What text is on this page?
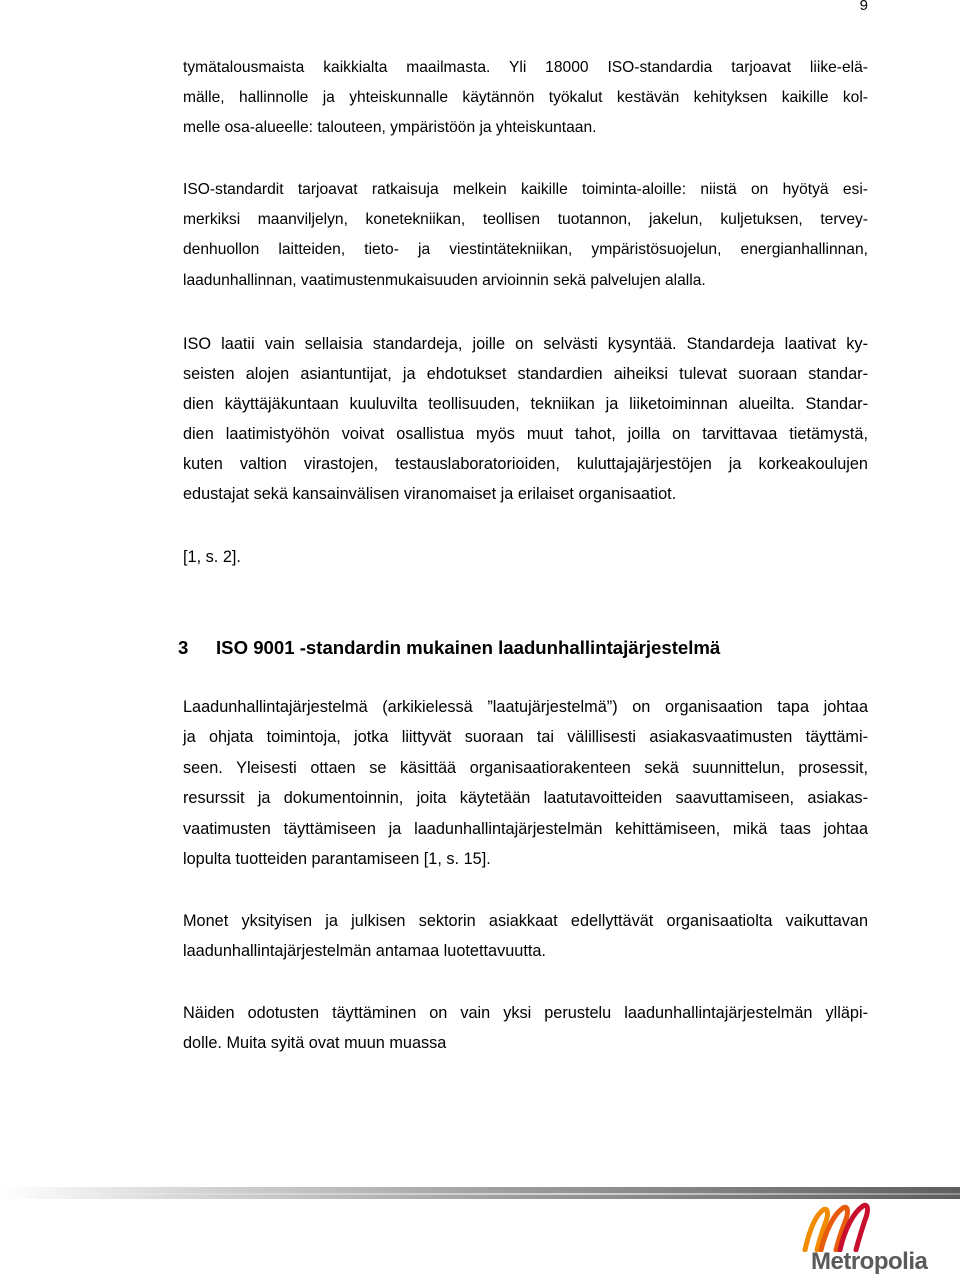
9

tymätalousmaista kaikkialta maailmasta. Yli 18000 ISO-standardia tarjoavat liike-elä-

mälle, hallinnolle ja yhteiskunnalle käytännön työkalut kestävän kehityksen kaikille kol-

melle osa-alueelle: talouteen, ympäristöön ja yhteiskuntaan.

ISO-standardit tarjoavat ratkaisuja melkein kaikille toiminta-aloille: niistä on hyötyä esi-

merkiksi maanviljelyn, konetekniikan, teollisen tuotannon, jakelun, kuljetuksen, tervey-

denhuollon laitteiden, tieto- ja viestintätekniikan, ympäristösuojelun, energianhallinnan,

laadunhallinnan, vaatimustenmukaisuuden arvioinnin sekä palvelujen alalla.

ISO laatii vain sellaisia standardeja, joille on selvästi kysyntää. Standardeja laativat ky-

seisten alojen asiantuntijat, ja ehdotukset standardien aiheiksi tulevat suoraan standar-

dien käyttäjäkuntaan kuuluvilta teollisuuden, tekniikan ja liiketoiminnan alueilta. Standar-

dien laatimistyöhön voivat osallistua myös muut tahot, joilla on tarvittavaa tietämystä,

kuten valtion virastojen, testauslaboratorioiden, kuluttajajärjestöjen ja korkeakoulujen

edustajat sekä kansainvälisen viranomaiset ja erilaiset organisaatiot.

[1, s. 2].

3 ISO 9001 -standardin mukainen laadunhallintajärjestelmä

Laadunhallintajärjestelmä (arkikielessä ”laatujärjestelmä”) on organisaation tapa johtaa

ja ohjata toimintoja, jotka liittyvät suoraan tai välillisesti asiakasvaatimusten täyttämi-

seen. Yleisesti ottaen se käsittää organisaatiorakenteen sekä suunnittelun, prosessit,

resurssit ja dokumentoinnin, joita käytetään laatutavoitteiden saavuttamiseen, asiakas-

vaatimusten täyttämiseen ja laadunhallintajärjestelmän kehittämiseen, mikä taas johtaa

lopulta tuotteiden parantamiseen [1, s. 15].

Monet yksityisen ja julkisen sektorin asiakkaat edellyttävät organisaatiolta vaikuttavan

laadunhallintajärjestelmän antamaa luotettavuutta.

Näiden odotusten täyttäminen on vain yksi perustelu laadunhallintajärjestelmän ylläpi-

dolle. Muita syitä ovat muun muassa

Metropolia
